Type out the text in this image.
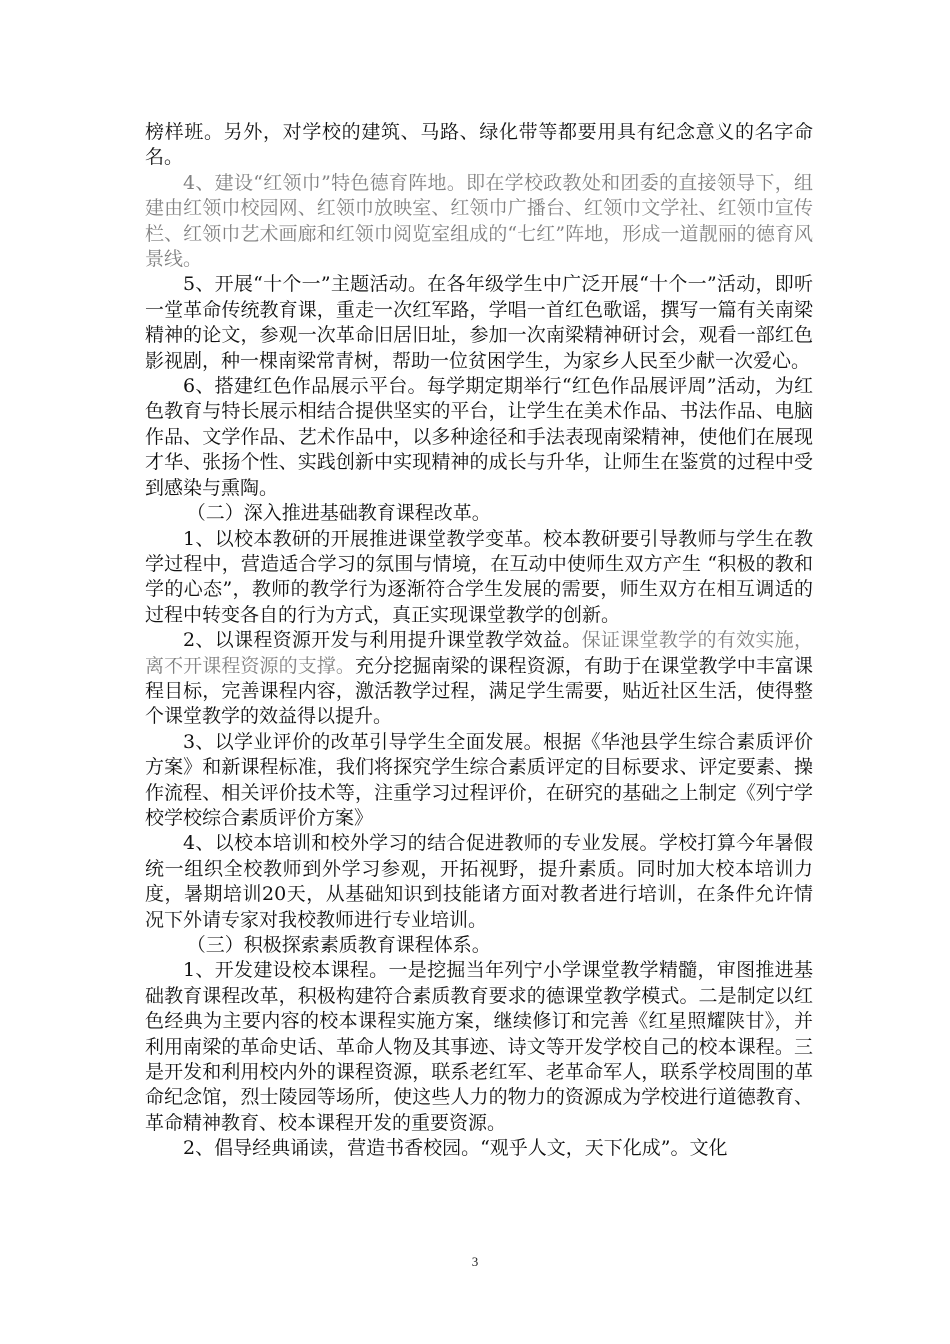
榜样班。另外，对学校的建筑、马路、绿化带等都要用具有纪念意义的名字命名。

4、建设“红领巾”特色德育阵地。即在学校政教处和团委的直接领导下，组建由红领巾校园网、红领巾放映室、红领巾广播台、红领巾文学社、红领巾宣传栏、红领巾艺术画廊和红领巾阅览室组成的“七红”阵地，形成一道靓丽的德育风景线。

5、开展“十个一”主题活动。在各年级学生中广泛开展“十个一”活动，即听一堂革命传统教育课，重走一次红军路，学唱一首红色歌谣，撰写一篇有关南梁精神的论文，参观一次革命旧居旧址，参加一次南梁精神研讨会，观看一部红色影视剧，种一棵南梁常青树，帮助一位贫困学生，为家乡人民至少献一次爱心。

6、搭建红色作品展示平台。每学期定期举行“红色作品展评周”活动，为红色教育与特长展示相结合提供坚实的平台，让学生在美术作品、书法作品、电脑作品、文学作品、艺术作品中，以多种途径和手法表现南梁精神，使他们在展现才华、张扬个性、实践创新中实现精神的成长与升华，让师生在鉴赏的过程中受到感染与熏陶。

（二）深入推进基础教育课程改革。

1、以校本教研的开展推进课堂教学变革。校本教研要引导教师与学生在教学过程中，营造适合学习的氛围与情境，在互动中使师生双方产生 “积极的教和学的心态”，教师的教学行为逐渐符合学生发展的需要，师生双方在相互调适的过程中转变各自的行为方式，真正实现课堂教学的创新。

2、以课程资源开发与利用提升课堂教学效益。保证课堂教学的有效实施，离不开课程资源的支撑。充分挖掘南梁的课程资源，有助于在课堂教学中丰富课程目标，完善课程内容，激活教学过程，满足学生需要，贴近社区生活，使得整个课堂教学的效益得以提升。

3、以学业评价的改革引导学生全面发展。根据《华池县学生综合素质评价方案》和新课程标准，我们将探究学生综合素质评定的目标要求、评定要素、操作流程、相关评价技术等，注重学习过程评价，在研究的基础之上制定《列宁学校学校综合素质评价方案》

4、以校本培训和校外学习的结合促进教师的专业发展。学校打算今年暑假统一组织全校教师到外学习参观，开拓视野，提升素质。同时加大校本培训力度，暑期培训20天，从基础知识到技能诸方面对教者进行培训，在条件允许情况下外请专家对我校教师进行专业培训。

（三）积极探索素质教育课程体系。

1、开发建设校本课程。一是挖掘当年列宁小学课堂教学精髓，审图推进基础教育课程改革，积极构建符合素质教育要求的德课堂教学模式。二是制定以红色经典为主要内容的校本课程实施方案，继续修订和完善《红星照耀陕甘》，并利用南梁的革命史话、革命人物及其事迹、诗文等开发学校自己的校本课程。三是开发和利用校内外的课程资源，联系老红军、老革命军人，联系学校周围的革命纪念馆，烈士陵园等场所，使这些人力的物力的资源成为学校进行道德教育、革命精神教育、校本课程开发的重要资源。

2、倡导经典诵读，营造书香校园。“观乎人文，天下化成”。文化

3
